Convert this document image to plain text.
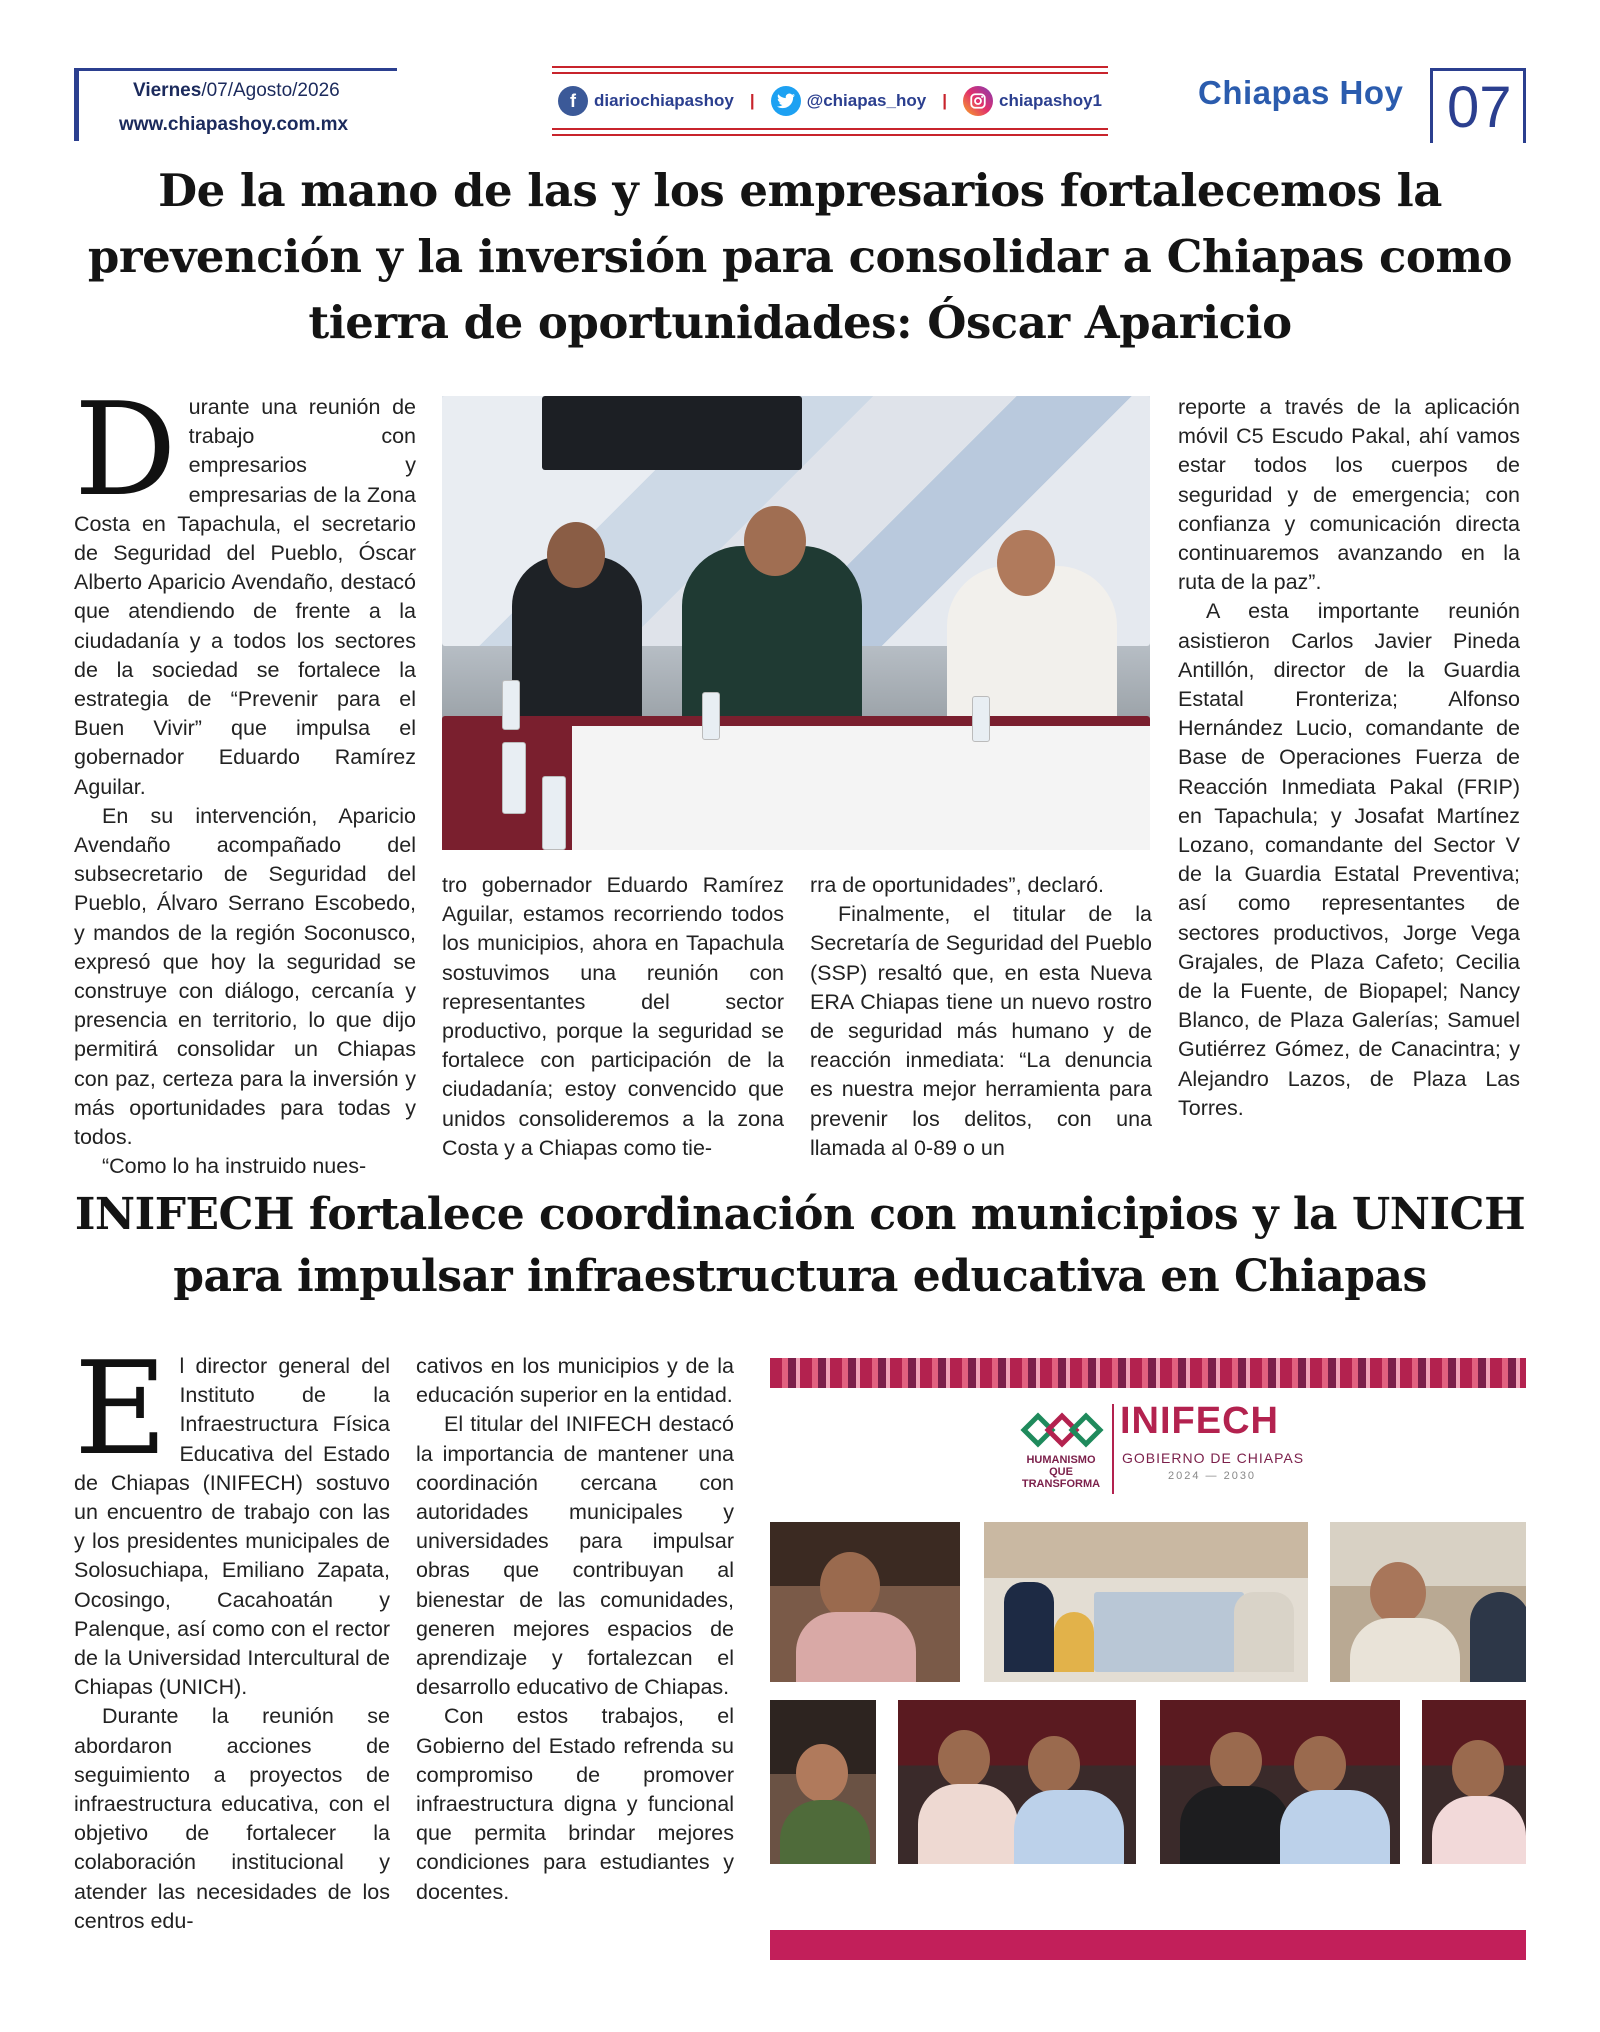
Viernes/07/Agosto/2026
www.chiapashoy.com.mx
f	diariochiapashoy |	@chiapas_hoy |	chiapashoy1	Chiapas Hoy 07
De la mano de las y los empresarios fortalecemos la
prevención y la inversión para consolidar a Chiapas como
tierra de oportunidades: Óscar Aparicio
D urante una reunión de trabajo con empresarios y empresarias de la Zona Costa en Tapachula, el secretario de Seguridad del Pueblo, Óscar Alberto Aparicio Avendaño, destacó que atendiendo de frente a la ciudadanía y a todos los sectores de la sociedad se fortalece la estrategia de “Prevenir para el Buen Vivir” que impulsa el gobernador Eduardo Ramírez Aguilar.

En su intervención, Aparicio Avendaño acompañado del subsecretario de Seguridad del Pueblo, Álvaro Serrano Escobedo, y mandos de la región Soconusco, expresó que hoy la seguridad se construye con diálogo, cercanía y presencia en territorio, lo que dijo permitirá consolidar un Chiapas con paz, certeza para la inversión y más oportunidades para todas y todos.

“Como lo ha instruido nues-

tro gobernador Eduardo Ramírez Aguilar, estamos recorriendo todos los municipios, ahora en Tapachula sostuvimos una reunión con representantes del sector productivo, porque la seguridad se fortalece con participación de la ciudadanía; estoy convencido que unidos consolideremos a la zona Costa y a Chiapas como tie-

rra de oportunidades”, declaró.

Finalmente, el titular de la Secretaría de Seguridad del Pueblo (SSP) resaltó que, en esta Nueva ERA Chiapas tiene un nuevo rostro de seguridad más humano y de reacción inmediata: “La denuncia es nuestra mejor herramienta para prevenir los delitos, con una llamada al 0-89 o un

reporte a través de la aplicación móvil C5 Escudo Pakal, ahí vamos estar todos los cuerpos de seguridad y de emergencia; con confianza y comunicación directa continuaremos avanzando en la ruta de la paz”.

A esta importante reunión asistieron Carlos Javier Pineda Antillón, director de la Guardia Estatal Fronteriza; Alfonso Hernández Lucio, comandante de Base de Operaciones Fuerza de Reacción Inmediata Pakal (FRIP) en Tapachula; y Josafat Martínez Lozano, comandante del Sector V de la Guardia Estatal Preventiva; así como representantes de sectores productivos, Jorge Vega Grajales, de Plaza Cafeto; Cecilia de la Fuente, de Biopapel; Nancy Blanco, de Plaza Galerías; Samuel Gutiérrez Gómez, de Canacintra; y Alejandro Lazos, de Plaza Las Torres.

INIFECH fortalece coordinación con municipios y la UNICH
para impulsar infraestructura educativa en Chiapas
E l director general del Instituto de la Infraestructura Física Educativa del Estado de Chiapas (INIFECH) sostuvo un encuentro de trabajo con las y los presidentes municipales de Solosuchiapa, Emiliano Zapata, Ocosingo, Cacahoatán y Palenque, así como con el rector de la Universidad Intercultural de Chiapas (UNICH).

Durante la reunión se abordaron acciones de seguimiento a proyectos de infraestructura educativa, con el objetivo de fortalecer la colaboración institucional y atender las necesidades de los centros edu-

cativos en los municipios y de la educación superior en la entidad.

El titular del INIFECH destacó la importancia de mantener una coordinación cercana con autoridades municipales y universidades para impulsar obras que contribuyan al bienestar de las comunidades, generen mejores espacios de aprendizaje y fortalezcan el desarrollo educativo de Chiapas.

Con estos trabajos, el Gobierno del Estado refrenda su compromiso de promover infraestructura digna y funcional que permita brindar mejores condiciones para estudiantes y docentes.

HUMANISMO QUE TRANSFORMA
INIFECH
GOBIERNO DE CHIAPAS
2024 — 2030
